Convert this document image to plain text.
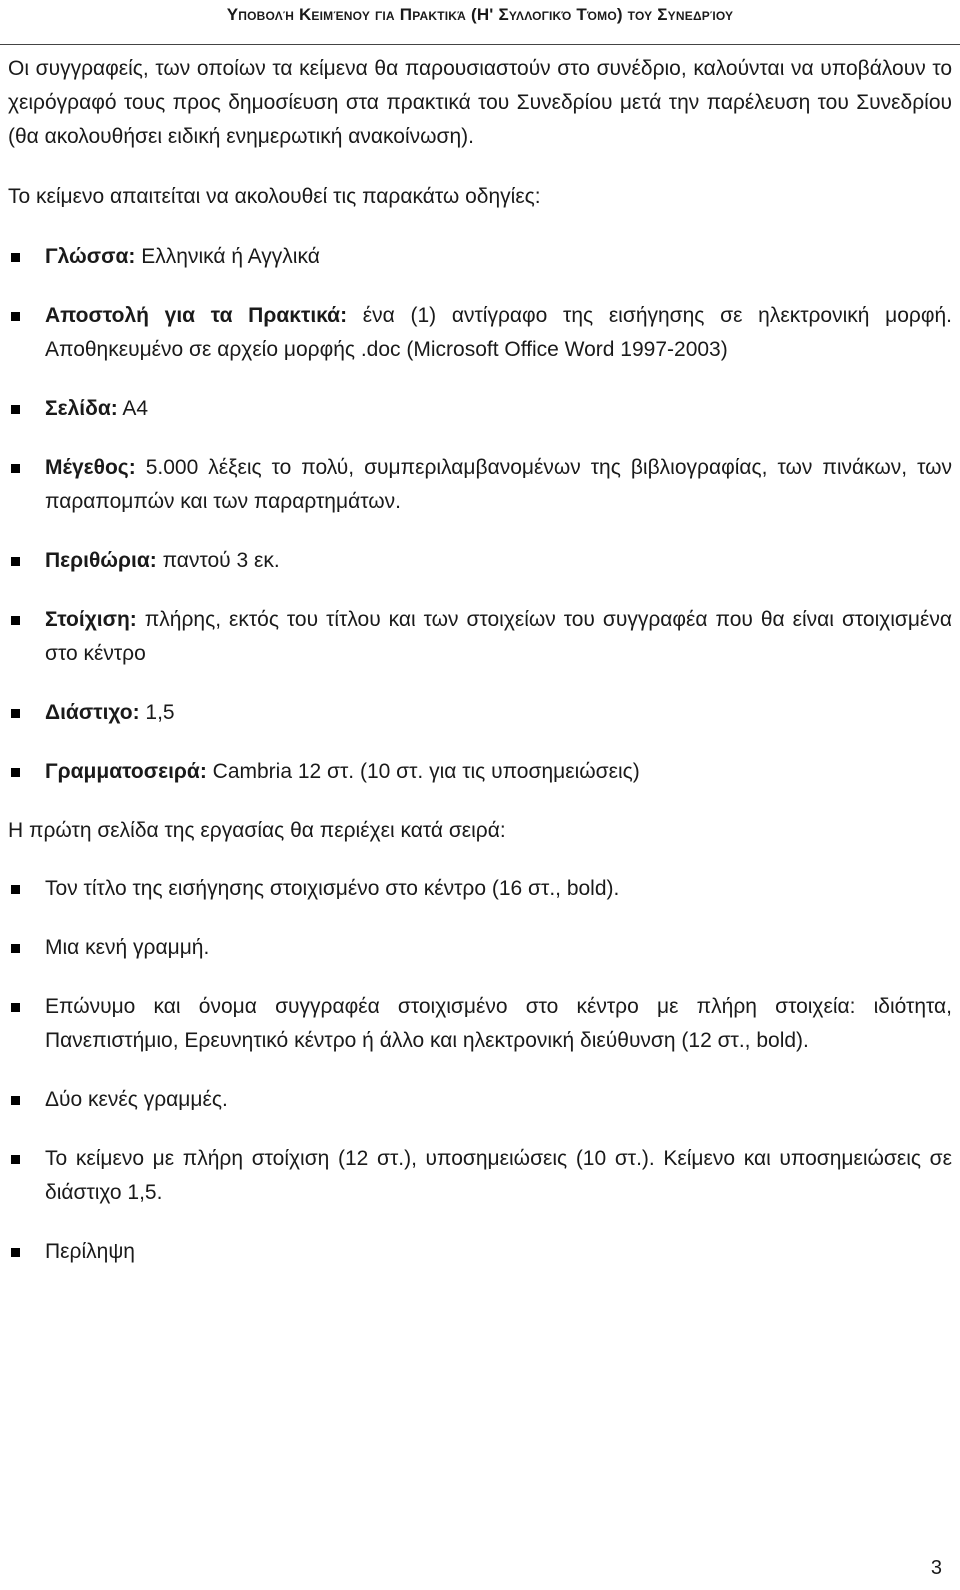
Υποβολή Κειμένου για Πρακτικά (Η' Συλλογικό Τόμο) του Συνεδρίου

Οι συγγραφείς, των οποίων τα κείμενα θα παρουσιαστούν στο συνέδριο, καλούνται να υποβάλουν το χειρόγραφό τους προς δημοσίευση στα πρακτικά του Συνεδρίου μετά την παρέλευση του Συνεδρίου (θα ακολουθήσει ειδική ενημερωτική ανακοίνωση).

Το κείμενο απαιτείται να ακολουθεί τις παρακάτω οδηγίες:

Γλώσσα: Ελληνικά ή Αγγλικά
Αποστολή για τα Πρακτικά: ένα (1) αντίγραφο της εισήγησης σε ηλεκτρονική μορφή. Αποθηκευμένο σε αρχείο μορφής .doc (Microsoft Office Word 1997-2003)
Σελίδα: Α4
Μέγεθος: 5.000 λέξεις το πολύ, συμπεριλαμβανομένων της βιβλιογραφίας, των πινάκων, των παραπομπών και των παραρτημάτων.
Περιθώρια: παντού 3 εκ.
Στοίχιση: πλήρης, εκτός του τίτλου και των στοιχείων του συγγραφέα που θα είναι στοιχισμένα στο κέντρο
Διάστιχο: 1,5
Γραμματοσειρά: Cambria 12 στ. (10 στ. για τις υποσημειώσεις)

Η πρώτη σελίδα της εργασίας θα περιέχει κατά σειρά:

Τον τίτλο της εισήγησης στοιχισμένο στο κέντρο (16 στ., bold).
Μια κενή γραμμή.
Επώνυμο και όνομα συγγραφέα στοιχισμένο στο κέντρο με πλήρη στοιχεία: ιδιότητα, Πανεπιστήμιο, Ερευνητικό κέντρο ή άλλο και ηλεκτρονική διεύθυνση (12 στ., bold).
Δύο κενές γραμμές.
Το κείμενο με πλήρη στοίχιση (12 στ.), υποσημειώσεις (10 στ.). Κείμενο και υποσημειώσεις σε διάστιχο 1,5.
Περίληψη
3
